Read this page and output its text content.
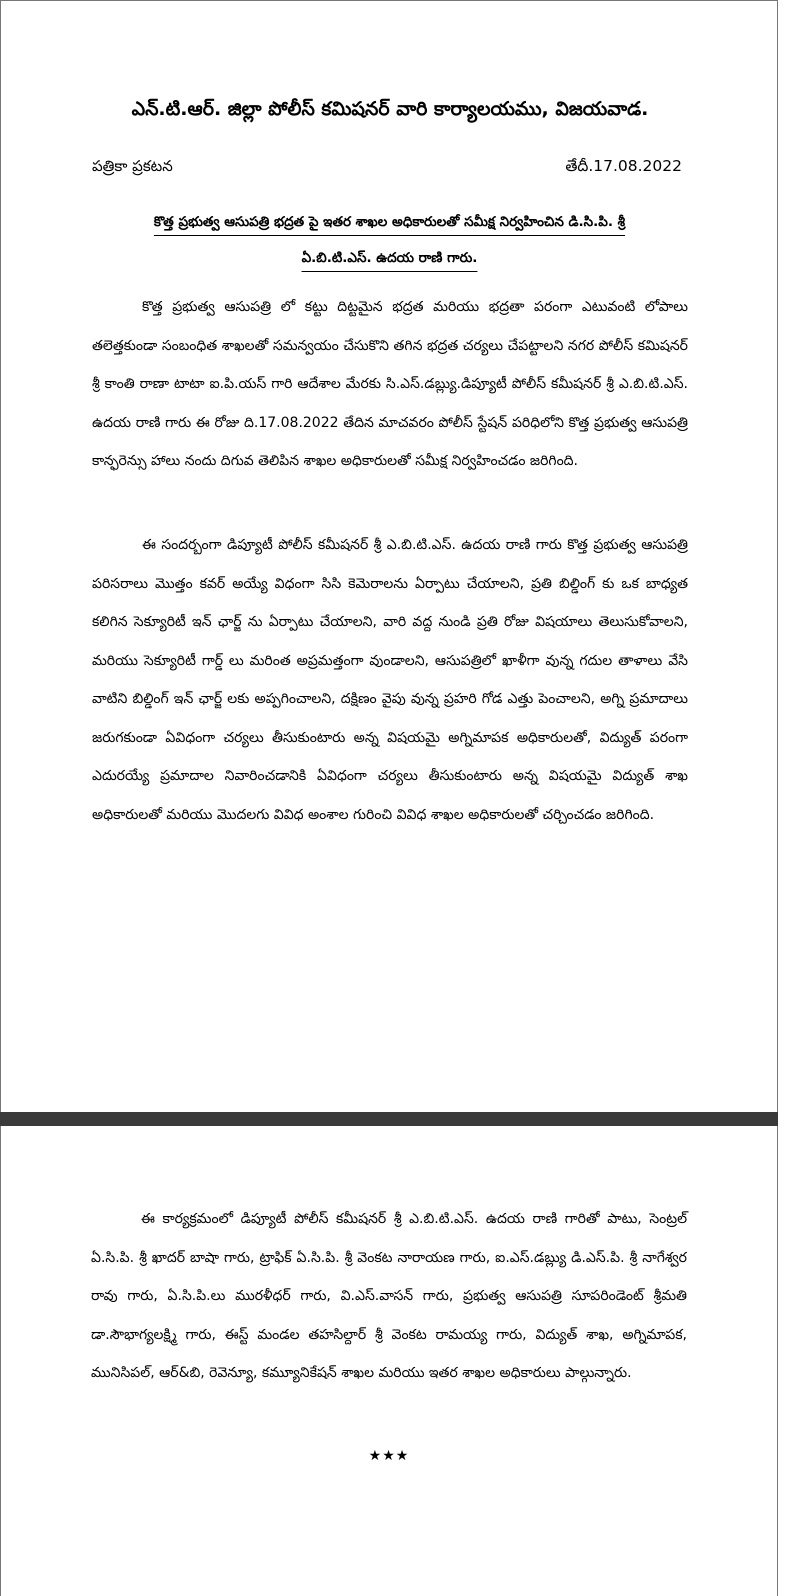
ఎన్.టి.ఆర్. జిల్లా పోలీస్ కమిషనర్ వారి కార్యాలయము, విజయవాడ.
పత్రికా ప్రకటన	తేదీ.17.08.2022
కొత్త ప్రభుత్వ ఆసుపత్రి భద్రత పై ఇతర శాఖల అధికారులతో సమీక్ష నిర్వహించిన డి.సి.పి. శ్రీ
ఏ.బి.టి.ఎస్. ఉదయ రాణి గారు.

కొత్త ప్రభుత్వ ఆసుపత్రి లో కట్టు దిట్టమైన భద్రత మరియు భద్రతా పరంగా ఎటువంటి లోపాలు తలెత్తకుండా సంబంధిత శాఖలతో సమన్వయం చేసుకొని తగిన భద్రత చర్యలు చేపట్టాలని నగర పోలీస్ కమిషనర్ శ్రీ కాంతి రాణా టాటా ఐ.పి.యస్ గారి ఆదేశాల మేరకు సి.ఎస్.డబ్ల్యు.డిప్యూటీ పోలీస్ కమీషనర్ శ్రీ ఎ.బి.టి.ఎస్. ఉదయ రాణి గారు ఈ రోజు ది.17.08.2022 తేదిన మాచవరం పోలీస్ స్టేషన్ పరిధిలోని కొత్త ప్రభుత్వ ఆసుపత్రి కాన్ఫరెన్సు హాలు నందు దిగువ తెలిపిన శాఖల అధికారులతో సమీక్ష నిర్వహించడం జరిగింది.

ఈ సందర్బంగా డిప్యూటీ పోలీస్ కమీషనర్ శ్రీ ఎ.బి.టి.ఎస్. ఉదయ రాణి గారు కొత్త ప్రభుత్వ ఆసుపత్రి పరిసరాలు మొత్తం కవర్ అయ్యే విధంగా సిసి కెమెరాలను ఏర్పాటు చేయాలని, ప్రతి బిల్డింగ్ కు ఒక బాధ్యత కలిగిన సెక్యూరిటీ ఇన్ ఛార్జ్ ను ఏర్పాటు చేయాలని, వారి వద్ద నుండి ప్రతి రోజు విషయాలు తెలుసుకోవాలని, మరియు సెక్యూరిటీ గార్డ్ లు మరింత అప్రమత్తంగా వుండాలని, ఆసుపత్రిలో ఖాళీగా వున్న గదుల తాళాలు వేసి వాటిని బిల్డింగ్ ఇన్ ఛార్జ్ లకు అప్పగించాలని, దక్షిణం వైపు వున్న ప్రహరి గోడ ఎత్తు పెంచాలని, అగ్ని ప్రమాదాలు జరుగకుండా ఏవిధంగా చర్యలు తీసుకుంటారు అన్న విషయమై అగ్నిమాపక అధికారులతో, విద్యుత్ పరంగా ఎదురయ్యే ప్రమాదాల నివారించడానికి ఏవిధంగా చర్యలు తీసుకుంటారు అన్న విషయమై విద్యుత్ శాఖ అధికారులతో మరియు మొదలగు వివిధ అంశాల గురించి వివిధ శాఖల అధికారులతో చర్చించడం జరిగింది.

ఈ కార్యక్రమంలో డిప్యూటీ పోలీస్ కమీషనర్ శ్రీ ఎ.బి.టి.ఎస్. ఉదయ రాణి గారితో పాటు, సెంట్రల్ ఏ.సి.పి. శ్రీ ఖాదర్ బాషా గారు, ట్రాఫిక్ ఏ.సి.పి. శ్రీ వెంకట నారాయణ గారు, ఐ.ఎస్.డబ్ల్యు డి.ఎస్.పి. శ్రీ నాగేశ్వర రావు గారు, ఏ.సి.పి.లు మురళీధర్ గారు, వి.ఎస్.వాసన్ గారు, ప్రభుత్వ ఆసుపత్రి సూపరిండెంట్ శ్రీమతి డా.సౌభాగ్యలక్ష్మి గారు, ఈస్ట్ మండల తహసిల్దార్ శ్రీ వెంకట రామయ్య గారు, విద్యుత్ శాఖ, అగ్నిమాపక, మునిసిపల్, ఆర్&బి, రెవెన్యూ, కమ్యూనికేషన్ శాఖల మరియు ఇతర శాఖల అధికారులు పాల్గున్నారు.

★★★
